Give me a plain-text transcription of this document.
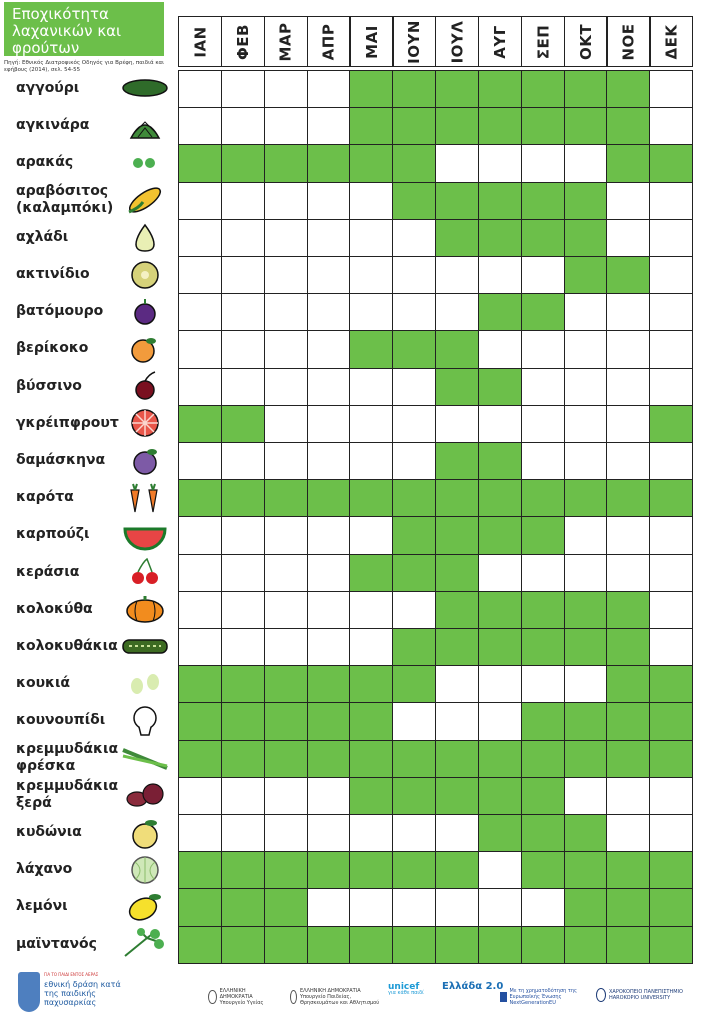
Εποχικότητα λαχανικών και φρούτων
Πηγή: Εθνικός Διατροφικός Οδηγός για Βρέφη, παιδιά και εφήβους (2014), σελ. 54-55
ΙΑΝ ΦΕΒ ΜΑΡ ΑΠΡ ΜΑΙ ΙΟΥΝ ΙΟΥΛ ΑΥΓ ΣΕΠ ΟΚΤ ΝΟΕ ΔΕΚ
αγγούρι
αγκινάρα
αρακάς
αραβόσιτος (καλαμπόκι)
αχλάδι
ακτινίδιο
βατόμουρο
βερίκοκο
βύσσινο
γκρέιπφρουτ
δαμάσκηνα
καρότα
καρπούζι
κεράσια
κολοκύθα
κολοκυθάκια
κουκιά
κουνουπίδι
κρεμμυδάκια φρέσκα
κρεμμυδάκια ξερά
κυδώνια
λάχανο
λεμόνι
μαϊντανός
ΓΙΑ ΤΟ ΠΑΙΔΙ ΕΝΤΟΣ ΑΕΡΑΣ
εθνική δράση κατά της παιδικής παχυσαρκίας
ΕΛΛΗΝΙΚΗ ΔΗΜΟΚΡΑΤΙΑ Υπουργείο Υγείας
ΕΛΛΗΝΙΚΗ ΔΗΜΟΚΡΑΤΙΑ Υπουργείο Παιδείας, Θρησκευμάτων και Αθλητισμού
unicef
για κάθε παιδί
Ελλάδα 2.0 Με τη χρηματοδότηση της Ευρωπαϊκής Ένωσης NextGenerationEU
ΧΑΡΟΚΟΠΕΙΟ ΠΑΝΕΠΙΣΤΗΜΙΟ HAROKOPIO UNIVERSITY
